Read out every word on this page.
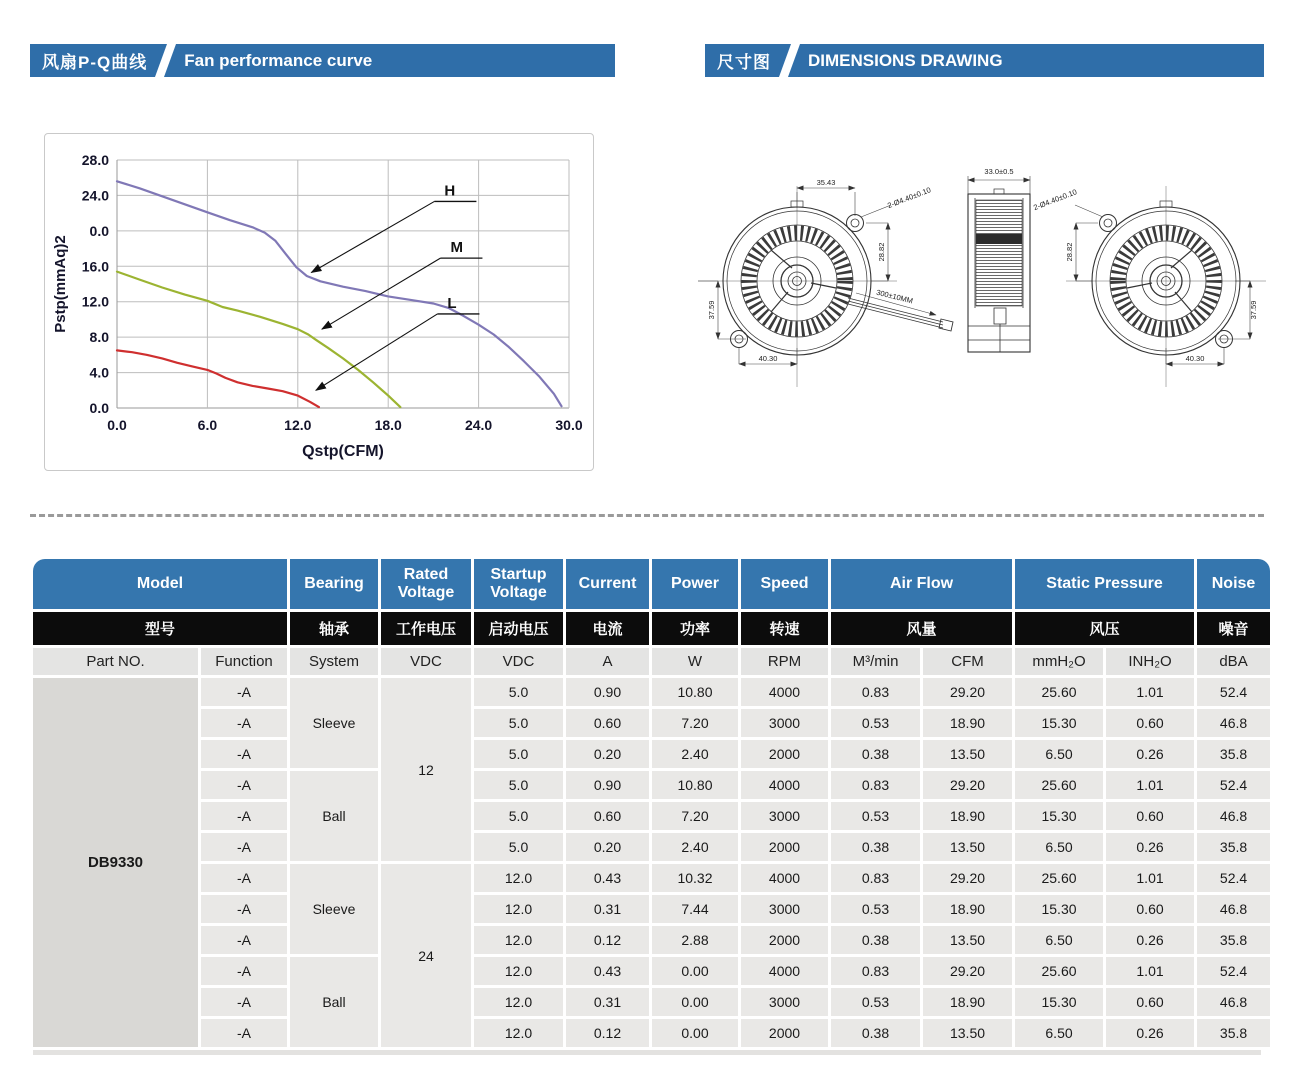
风扇P-Q曲线	Fan performance curve	尺寸图	DIMENSIONS DRAWING
0.0
4.0
8.0
12.0
16.0
0.0
24.0
28.0
0.0	6.0	12.0	18.0	24.0	30.0
H
M
L
Qstp(CFM)
Pstp(mmAq)2
35.43
2-Ø4.40±0.10
28.82
37.59
40.30
300±10MM
33.0±0.5
2-Ø4.40±0.10
28.82
37.59
40.30
Model		Bearing	Rated Voltage	Startup Voltage	Current	Power	Speed	Air Flow		Static Pressure		Noise
型号		轴承	工作电压	启动电压	电流	功率	转速	风量		风压		噪音
Part NO.	Function	System	VDC	VDC	A	W	RPM	M³/min	CFM	mmH₂O	INH₂O	dBA
DB9330	-A	Sleeve	12	5.0	0.90	10.80	4000	0.83	29.20	25.60	1.01	52.4
	-A			5.0	0.60	7.20	3000	0.53	18.90	15.30	0.60	46.8
	-A			5.0	0.20	2.40	2000	0.38	13.50	6.50	0.26	35.8
	-A	Ball		5.0	0.90	10.80	4000	0.83	29.20	25.60	1.01	52.4
	-A			5.0	0.60	7.20	3000	0.53	18.90	15.30	0.60	46.8
	-A			5.0	0.20	2.40	2000	0.38	13.50	6.50	0.26	35.8
	-A	Sleeve	24	12.0	0.43	10.32	4000	0.83	29.20	25.60	1.01	52.4
	-A			12.0	0.31	7.44	3000	0.53	18.90	15.30	0.60	46.8
	-A			12.0	0.12	2.88	2000	0.38	13.50	6.50	0.26	35.8
	-A	Ball		12.0	0.43	0.00	4000	0.83	29.20	25.60	1.01	52.4
	-A			12.0	0.31	0.00	3000	0.53	18.90	15.30	0.60	46.8
	-A			12.0	0.12	0.00	2000	0.38	13.50	6.50	0.26	35.8
